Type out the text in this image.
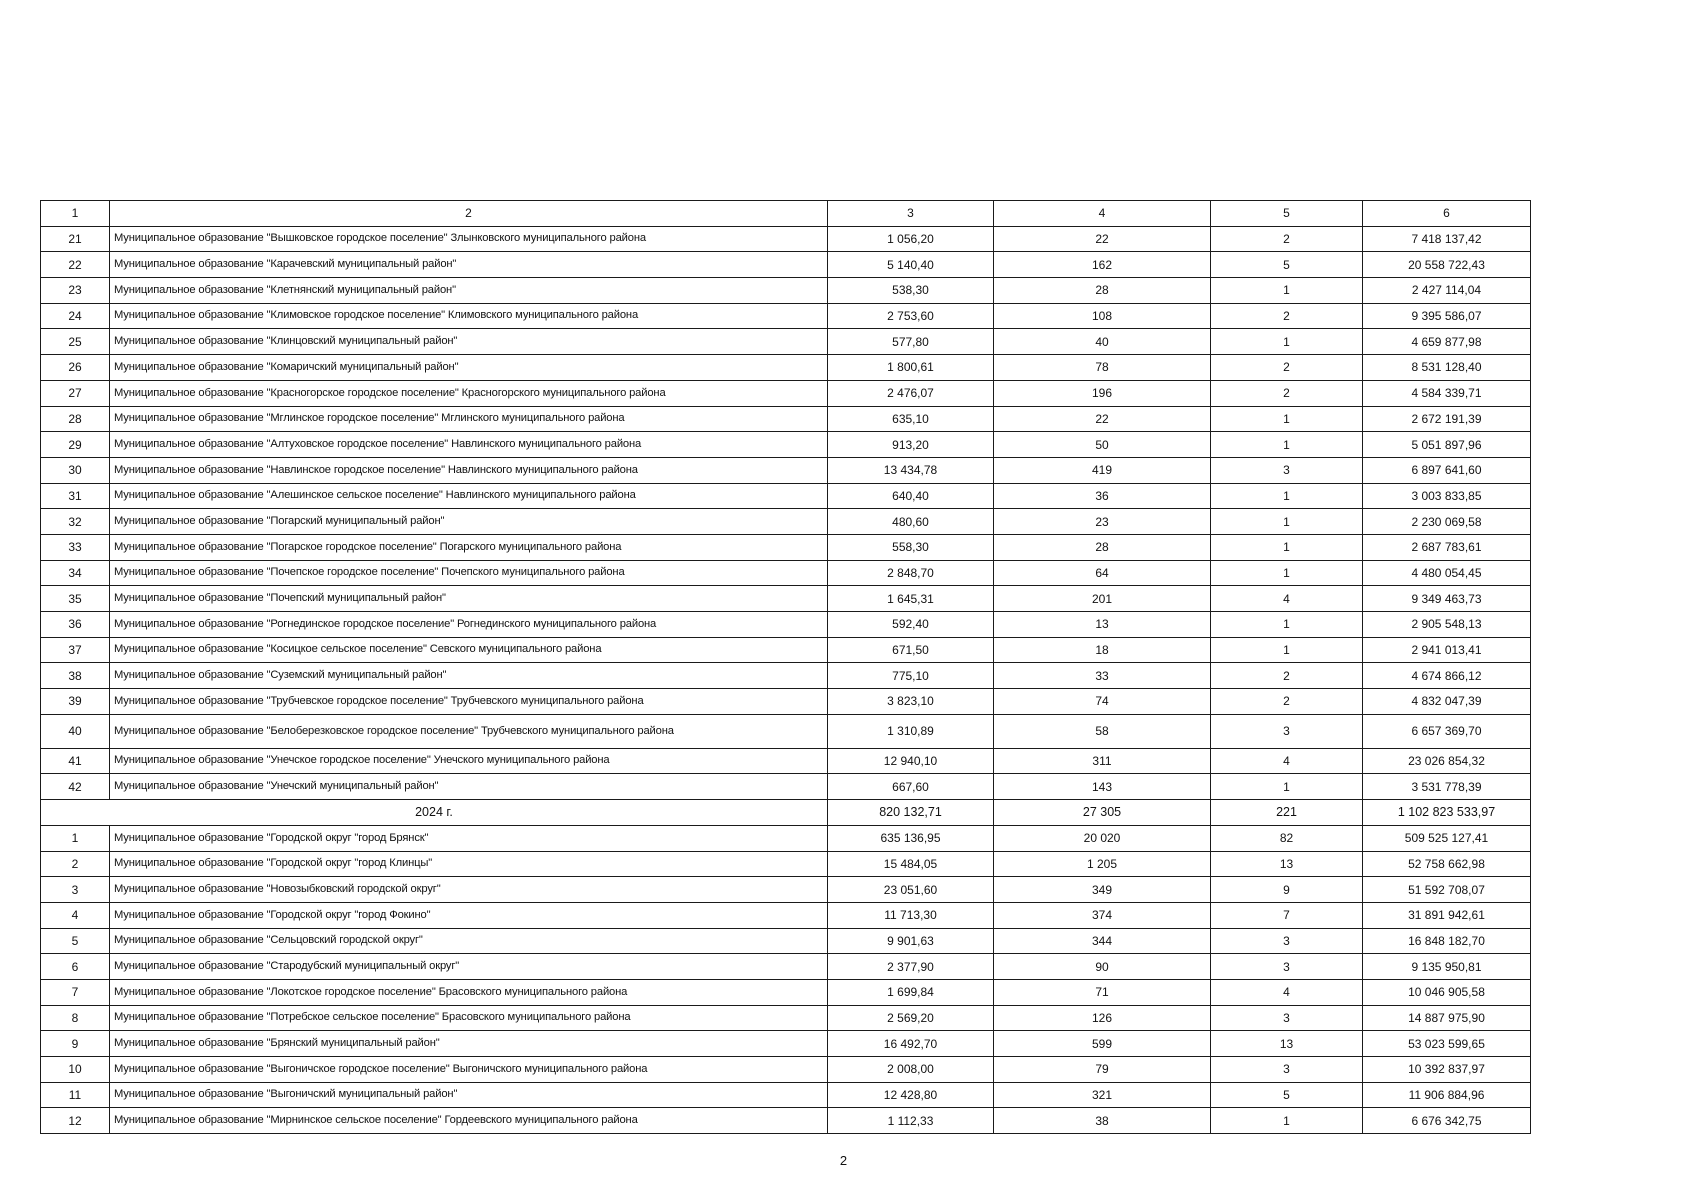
1	2	3	4	5	6
21	Муниципальное образование "Вышковское городское поселение" Злынковского муниципального района	1 056,20	22	2	7 418 137,42
22	Муниципальное образование "Карачевский муниципальный район"	5 140,40	162	5	20 558 722,43
23	Муниципальное образование "Клетнянский муниципальный район"	538,30	28	1	2 427 114,04
24	Муниципальное образование "Климовское городское поселение" Климовского муниципального района	2 753,60	108	2	9 395 586,07
25	Муниципальное образование "Клинцовский муниципальный район"	577,80	40	1	4 659 877,98
26	Муниципальное образование "Комаричский муниципальный район"	1 800,61	78	2	8 531 128,40
27	Муниципальное образование "Красногорское городское поселение" Красногорского муниципального района	2 476,07	196	2	4 584 339,71
28	Муниципальное образование "Мглинское городское поселение" Мглинского муниципального района	635,10	22	1	2 672 191,39
29	Муниципальное образование "Алтуховское городское поселение" Навлинского муниципального района	913,20	50	1	5 051 897,96
30	Муниципальное образование "Навлинское городское поселение" Навлинского муниципального района	13 434,78	419	3	6 897 641,60
31	Муниципальное образование "Алешинское сельское поселение" Навлинского муниципального района	640,40	36	1	3 003 833,85
32	Муниципальное образование "Погарский муниципальный район"	480,60	23	1	2 230 069,58
33	Муниципальное образование "Погарское городское поселение" Погарского муниципального района	558,30	28	1	2 687 783,61
34	Муниципальное образование "Почепское городское поселение" Почепского муниципального района	2 848,70	64	1	4 480 054,45
35	Муниципальное образование "Почепский муниципальный район"	1 645,31	201	4	9 349 463,73
36	Муниципальное образование "Рогнединское городское поселение" Рогнединского муниципального района	592,40	13	1	2 905 548,13
37	Муниципальное образование "Косицкое сельское поселение" Севского муниципального района	671,50	18	1	2 941 013,41
38	Муниципальное образование "Суземский муниципальный район"	775,10	33	2	4 674 866,12
39	Муниципальное образование "Трубчевское городское поселение" Трубчевского муниципального района	3 823,10	74	2	4 832 047,39
40	Муниципальное образование "Белоберезковское городское поселение" Трубчевского муниципального района	1 310,89	58	3	6 657 369,70
41	Муниципальное образование "Унечское городское поселение" Унечского муниципального района	12 940,10	311	4	23 026 854,32
42	Муниципальное образование "Унечский муниципальный район"	667,60	143	1	3 531 778,39
2024 г.		820 132,71	27 305	221	1 102 823 533,97
1	Муниципальное образование "Городской округ "город Брянск"	635 136,95	20 020	82	509 525 127,41
2	Муниципальное образование "Городской округ "город Клинцы"	15 484,05	1 205	13	52 758 662,98
3	Муниципальное образование "Новозыбковский городской округ"	23 051,60	349	9	51 592 708,07
4	Муниципальное образование "Городской округ "город Фокино"	11 713,30	374	7	31 891 942,61
5	Муниципальное образование "Сельцовский городской округ"	9 901,63	344	3	16 848 182,70
6	Муниципальное образование "Стародубский муниципальный округ"	2 377,90	90	3	9 135 950,81
7	Муниципальное образование "Локотское городское поселение" Брасовского муниципального района	1 699,84	71	4	10 046 905,58
8	Муниципальное образование "Потребское сельское поселение" Брасовского муниципального района	2 569,20	126	3	14 887 975,90
9	Муниципальное образование "Брянский муниципальный район"	16 492,70	599	13	53 023 599,65
10	Муниципальное образование "Выгоничское городское поселение" Выгоничского муниципального района	2 008,00	79	3	10 392 837,97
11	Муниципальное образование "Выгоничский муниципальный район"	12 428,80	321	5	11 906 884,96
12	Муниципальное образование "Мирнинское сельское поселение" Гордеевского муниципального района	1 112,33	38	1	6 676 342,75
2
